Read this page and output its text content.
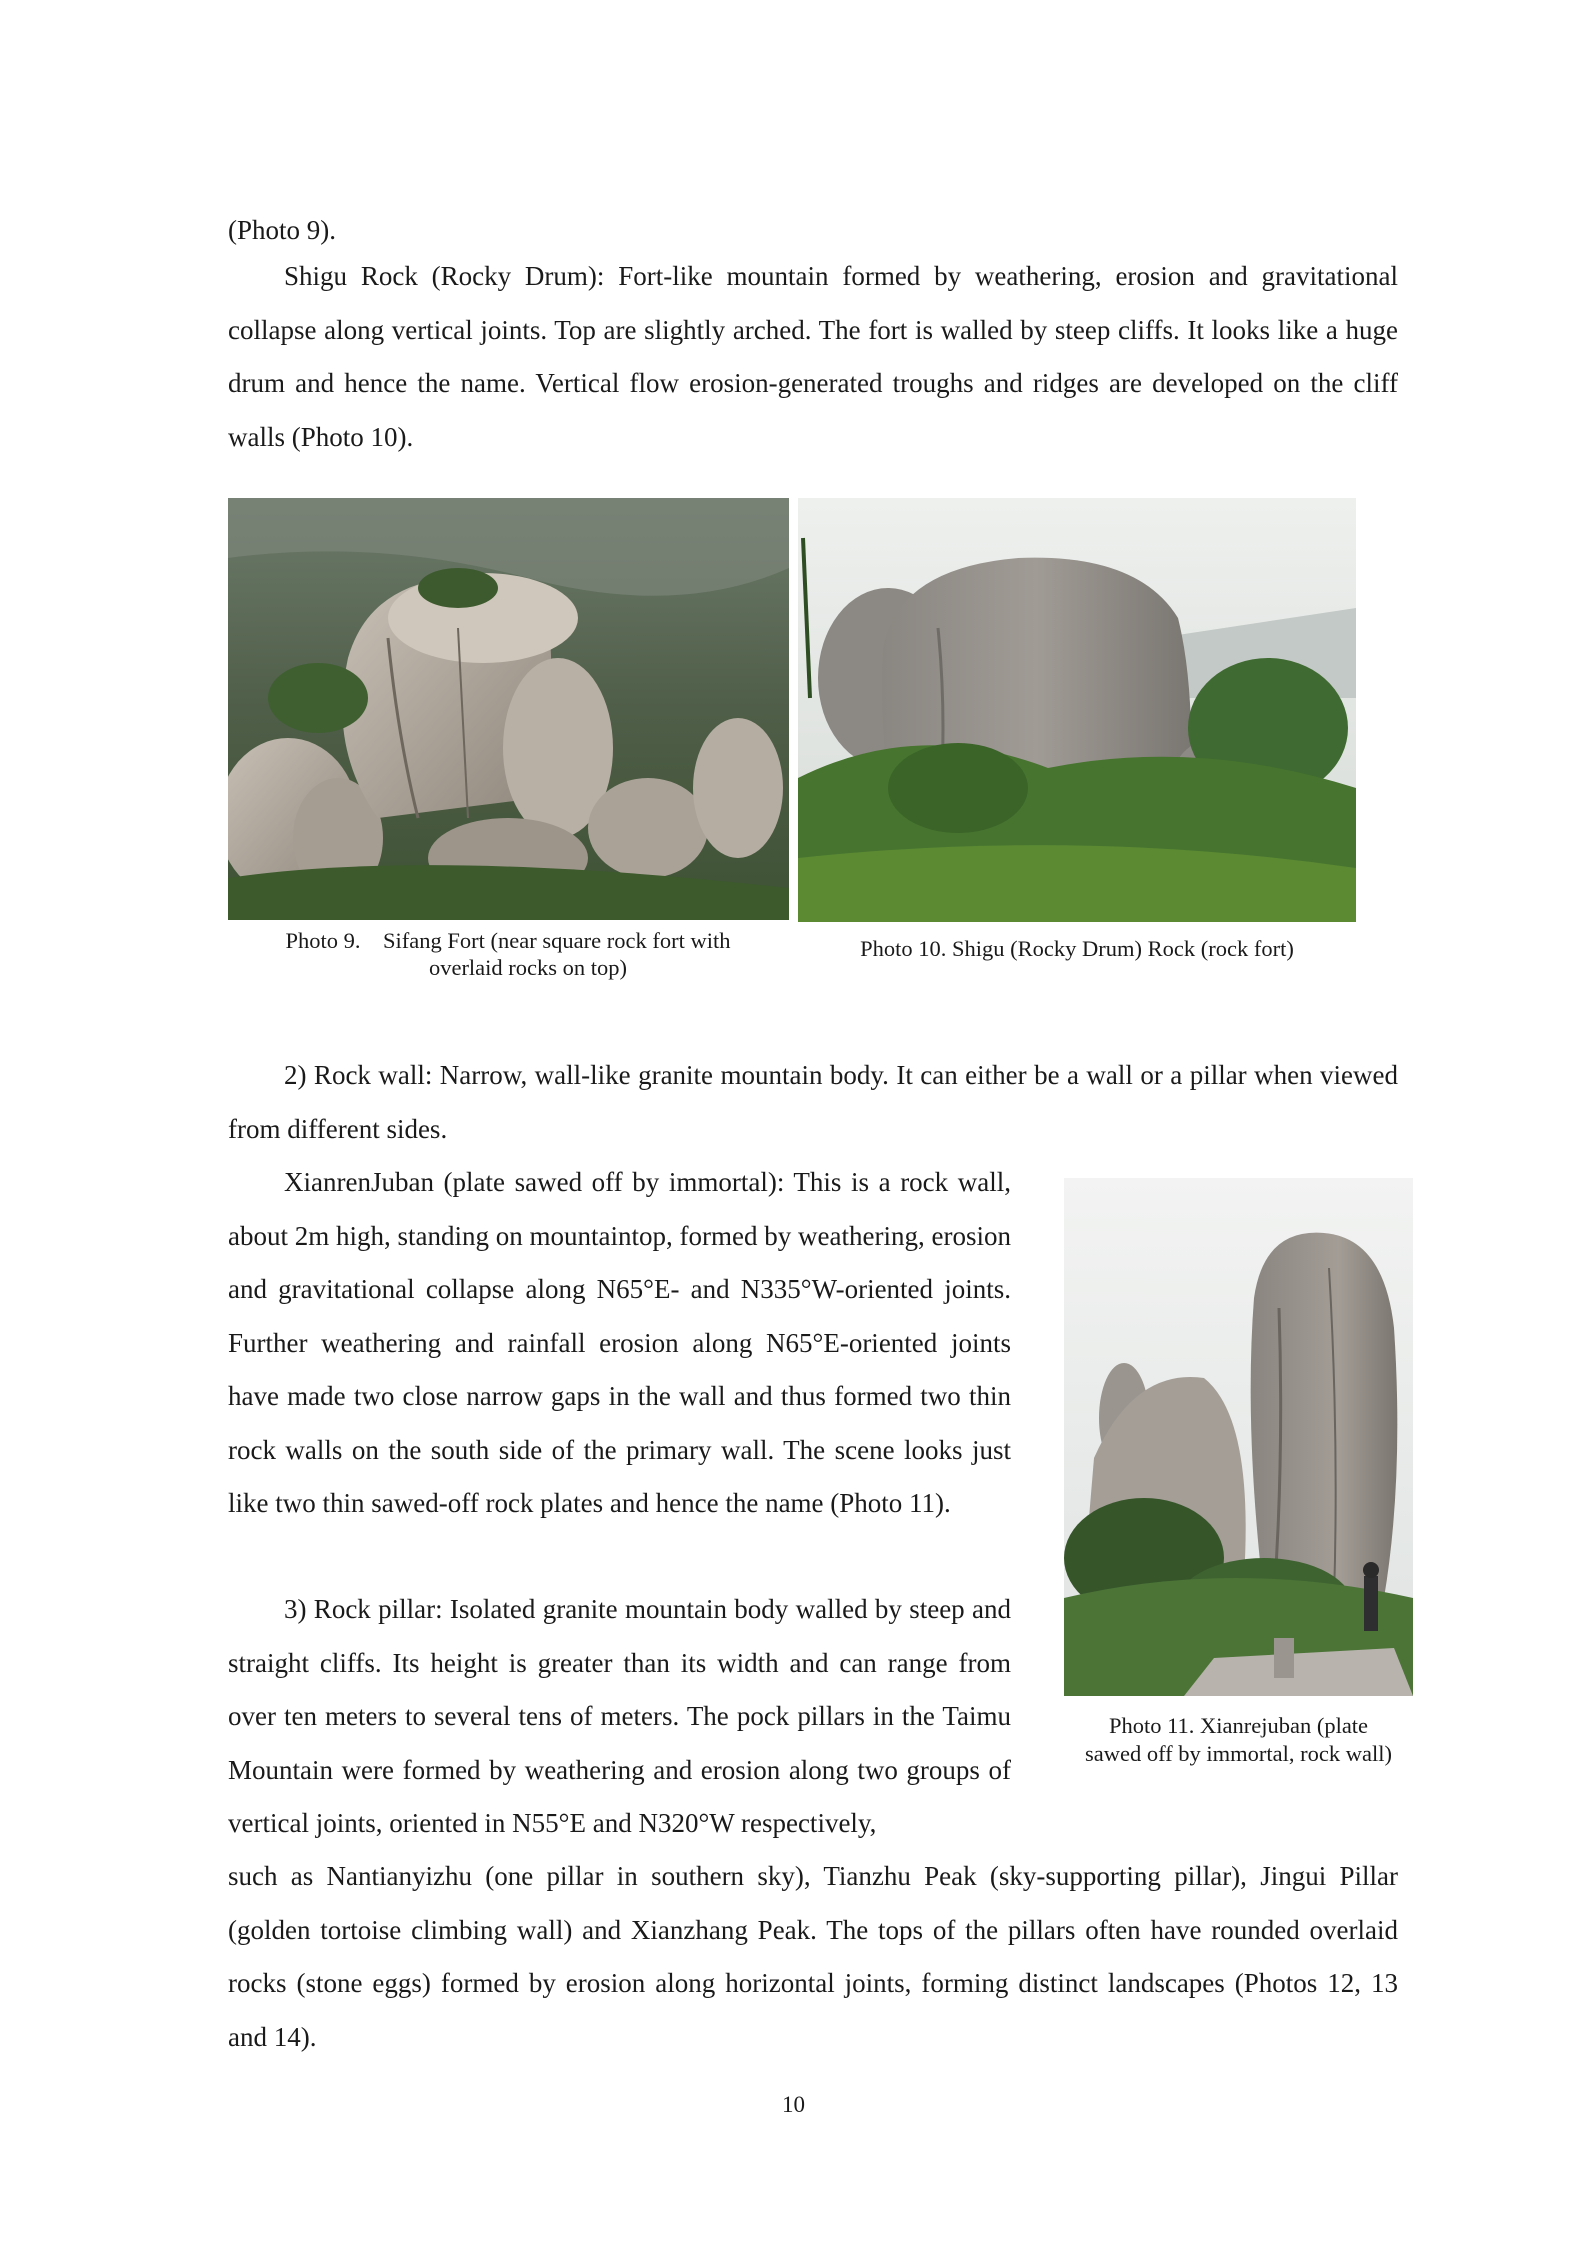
(Photo 9).

Shigu Rock (Rocky Drum): Fort-like mountain formed by weathering, erosion and gravitational collapse along vertical joints. Top are slightly arched. The fort is walled by steep cliffs. It looks like a huge drum and hence the name. Vertical flow erosion-generated troughs and ridges are developed on the cliff walls (Photo 10).

Photo 9.    Sifang Fort (near square rock fort with

overlaid rocks on top)

Photo 10. Shigu (Rocky Drum) Rock (rock fort)

2) Rock wall: Narrow, wall-like granite mountain body. It can either be a wall or a pillar when viewed from different sides.

XianrenJuban (plate sawed off by immortal): This is a rock wall, about 2m high, standing on mountaintop, formed by weathering, erosion and gravitational collapse along N65°E- and N335°W-oriented joints. Further weathering and rainfall erosion along N65°E-oriented joints have made two close narrow gaps in the wall and thus formed two thin rock walls on the south side of the primary wall. The scene looks just like two thin sawed-off rock plates and hence the name (Photo 11).

Photo 11. Xianrejuban (plate

sawed off by immortal, rock wall)

3) Rock pillar: Isolated granite mountain body walled by steep and straight cliffs. Its height is greater than its width and can range from over ten meters to several tens of meters. The pock pillars in the Taimu Mountain were formed by weathering and erosion along two groups of vertical joints, oriented in N55°E and N320°W respectively,

such as Nantianyizhu (one pillar in southern sky), Tianzhu Peak (sky-supporting pillar), Jingui Pillar (golden tortoise climbing wall) and Xianzhang Peak. The tops of the pillars often have rounded overlaid rocks (stone eggs) formed by erosion along horizontal joints, forming distinct landscapes (Photos 12, 13 and 14).

10
